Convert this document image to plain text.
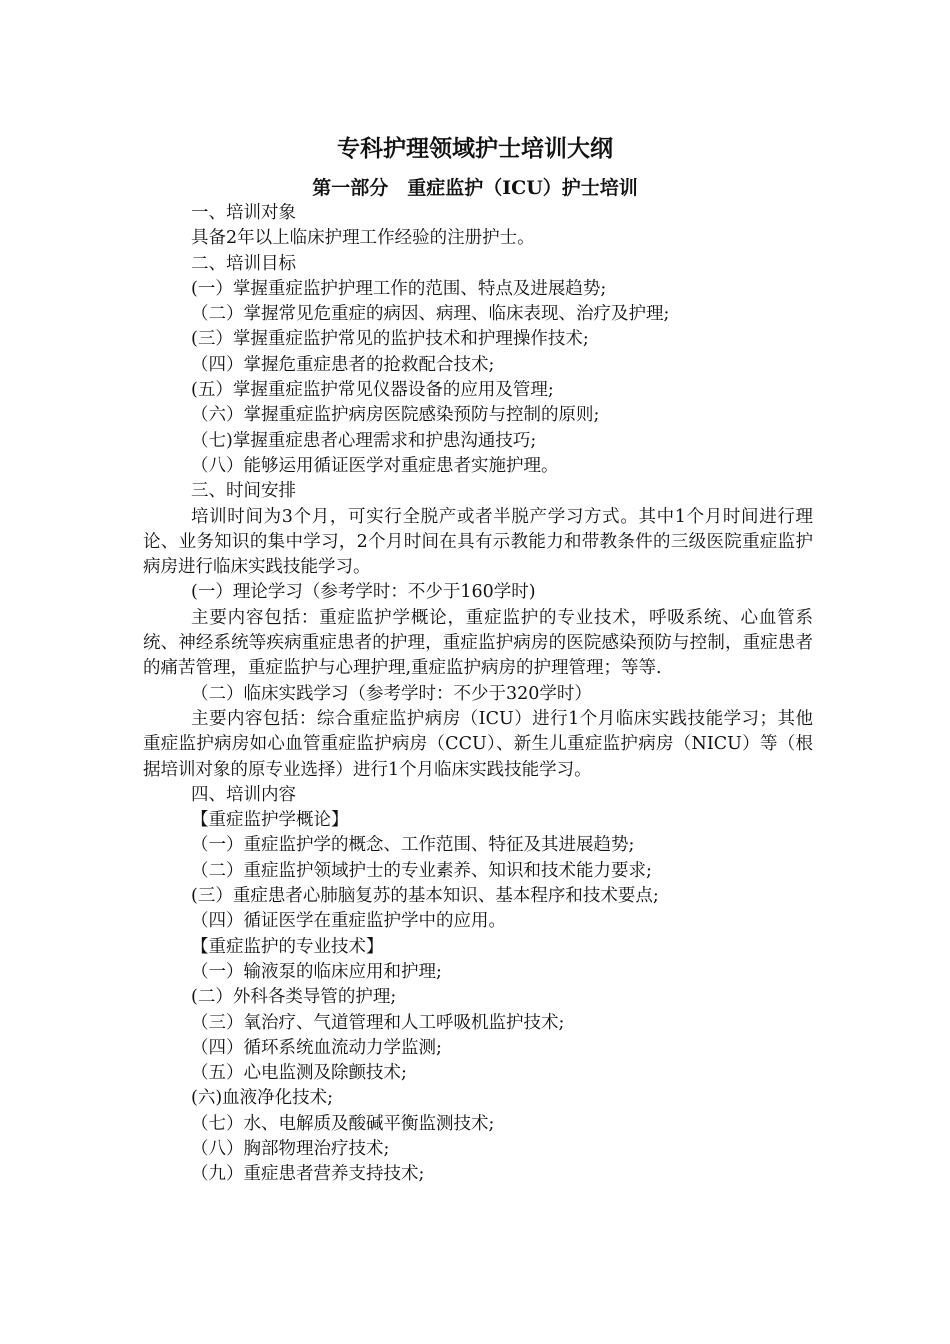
专科护理领域护士培训大纲
第一部分　重症监护（ICU）护士培训
一、培训对象
具备2年以上临床护理工作经验的注册护士。
二、培训目标
(一）掌握重症监护护理工作的范围、特点及进展趋势;
（二）掌握常见危重症的病因、病理、临床表现、治疗及护理;
(三）掌握重症监护常见的监护技术和护理操作技术;
（四）掌握危重症患者的抢救配合技术;
(五）掌握重症监护常见仪器设备的应用及管理;
（六）掌握重症监护病房医院感染预防与控制的原则;
（七)掌握重症患者心理需求和护患沟通技巧;
（八）能够运用循证医学对重症患者实施护理。
三、时间安排
培训时间为3个月，可实行全脱产或者半脱产学习方式。其中1个月时间进行理论、业务知识的集中学习，2个月时间在具有示教能力和带教条件的三级医院重症监护病房进行临床实践技能学习。
(一）理论学习（参考学时：不少于160学时)
主要内容包括：重症监护学概论，重症监护的专业技术，呼吸系统、心血管系统、神经系统等疾病重症患者的护理，重症监护病房的医院感染预防与控制，重症患者的痛苦管理，重症监护与心理护理,重症监护病房的护理管理；等等.
（二）临床实践学习（参考学时：不少于320学时）
主要内容包括：综合重症监护病房（ICU）进行1个月临床实践技能学习；其他重症监护病房如心血管重症监护病房（CCU）、新生儿重症监护病房（NICU）等（根据培训对象的原专业选择）进行1个月临床实践技能学习。
四、培训内容
【重症监护学概论】
（一）重症监护学的概念、工作范围、特征及其进展趋势;
（二）重症监护领域护士的专业素养、知识和技术能力要求;
(三）重症患者心肺脑复苏的基本知识、基本程序和技术要点;
（四）循证医学在重症监护学中的应用。
【重症监护的专业技术】
（一）输液泵的临床应用和护理;
(二）外科各类导管的护理;
（三）氧治疗、气道管理和人工呼吸机监护技术;
（四）循环系统血流动力学监测;
（五）心电监测及除颤技术;
(六)血液净化技术;
（七）水、电解质及酸碱平衡监测技术;
（八）胸部物理治疗技术;
（九）重症患者营养支持技术;
